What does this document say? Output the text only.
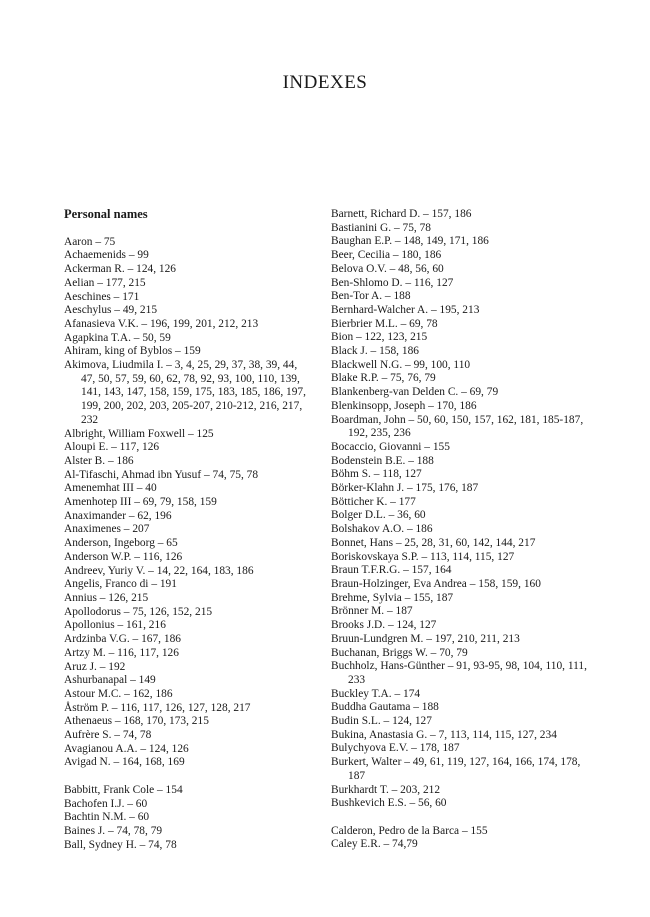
INDEXES
Personal names
Aaron – 75
Achaemenids – 99
Ackerman R. – 124, 126
Aelian – 177, 215
Aeschines – 171
Aeschylus – 49, 215
Afanasieva V.K. – 196, 199, 201, 212, 213
Agapkina T.A. – 50, 59
Ahiram, king of Byblos – 159
Akimova, Liudmila I. – 3, 4, 25, 29, 37, 38, 39, 44, 47, 50, 57, 59, 60, 62, 78, 92, 93, 100, 110, 139, 141, 143, 147, 158, 159, 175, 183, 185, 186, 197, 199, 200, 202, 203, 205-207, 210-212, 216, 217, 232
Albright, William Foxwell – 125
Aloupi E. – 117, 126
Alster B. – 186
Al-Tifaschi, Ahmad ibn Yusuf – 74, 75, 78
Amenemhat III – 40
Amenhotep III – 69, 79, 158, 159
Anaximander – 62, 196
Anaximenes – 207
Anderson, Ingeborg – 65
Anderson W.P. – 116, 126
Andreev, Yuriy V. – 14, 22, 164, 183, 186
Angelis, Franco di – 191
Annius – 126, 215
Apollodorus – 75, 126, 152, 215
Apollonius – 161, 216
Ardzinba V.G. – 167, 186
Artzy M. – 116, 117, 126
Aruz J. – 192
Ashurbanapal – 149
Astour M.C. – 162, 186
Åström P. – 116, 117, 126, 127, 128, 217
Athenaeus – 168, 170, 173, 215
Aufrère S. – 74, 78
Avagianou A.A. – 124, 126
Avigad N. – 164, 168, 169
Babbitt, Frank Cole – 154
Bachofen I.J. – 60
Bachtin N.M. – 60
Baines J. – 74, 78, 79
Ball, Sydney H. – 74, 78
Barnett, Richard D. – 157, 186
Bastianini G. – 75, 78
Baughan E.P. – 148, 149, 171, 186
Beer, Cecilia – 180, 186
Belova O.V. – 48, 56, 60
Ben-Shlomo D. – 116, 127
Ben-Tor A. – 188
Bernhard-Walcher A. – 195, 213
Bierbrier M.L. – 69, 78
Bion – 122, 123, 215
Black J. – 158, 186
Blackwell N.G. – 99, 100, 110
Blake R.P. – 75, 76, 79
Blankenberg-van Delden C. – 69, 79
Blenkinsopp, Joseph – 170, 186
Boardman, John – 50, 60, 150, 157, 162, 181, 185-187, 192, 235, 236
Bocaccio, Giovanni – 155
Bodenstein B.E. – 188
Böhm S. – 118, 127
Börker-Klahn J. – 175, 176, 187
Bötticher K. – 177
Bolger D.L. – 36, 60
Bolshakov A.O. – 186
Bonnet, Hans – 25, 28, 31, 60, 142, 144, 217
Boriskovskaya S.P. – 113, 114, 115, 127
Braun T.F.R.G. – 157, 164
Braun-Holzinger, Eva Andrea – 158, 159, 160
Brehme, Sylvia – 155, 187
Brönner M. – 187
Brooks J.D. – 124, 127
Bruun-Lundgren M. – 197, 210, 211, 213
Buchanan, Briggs W. – 70, 79
Buchholz, Hans-Günther – 91, 93-95, 98, 104, 110, 111, 233
Buckley T.A. – 174
Buddha Gautama – 188
Budin S.L. – 124, 127
Bukina, Anastasia G. – 7, 113, 114, 115, 127, 234
Bulychyova E.V. – 178, 187
Burkert, Walter – 49, 61, 119, 127, 164, 166, 174, 178, 187
Burkhardt T. – 203, 212
Bushkevich E.S. – 56, 60
Calderon, Pedro de la Barca – 155
Caley E.R. – 74,79
